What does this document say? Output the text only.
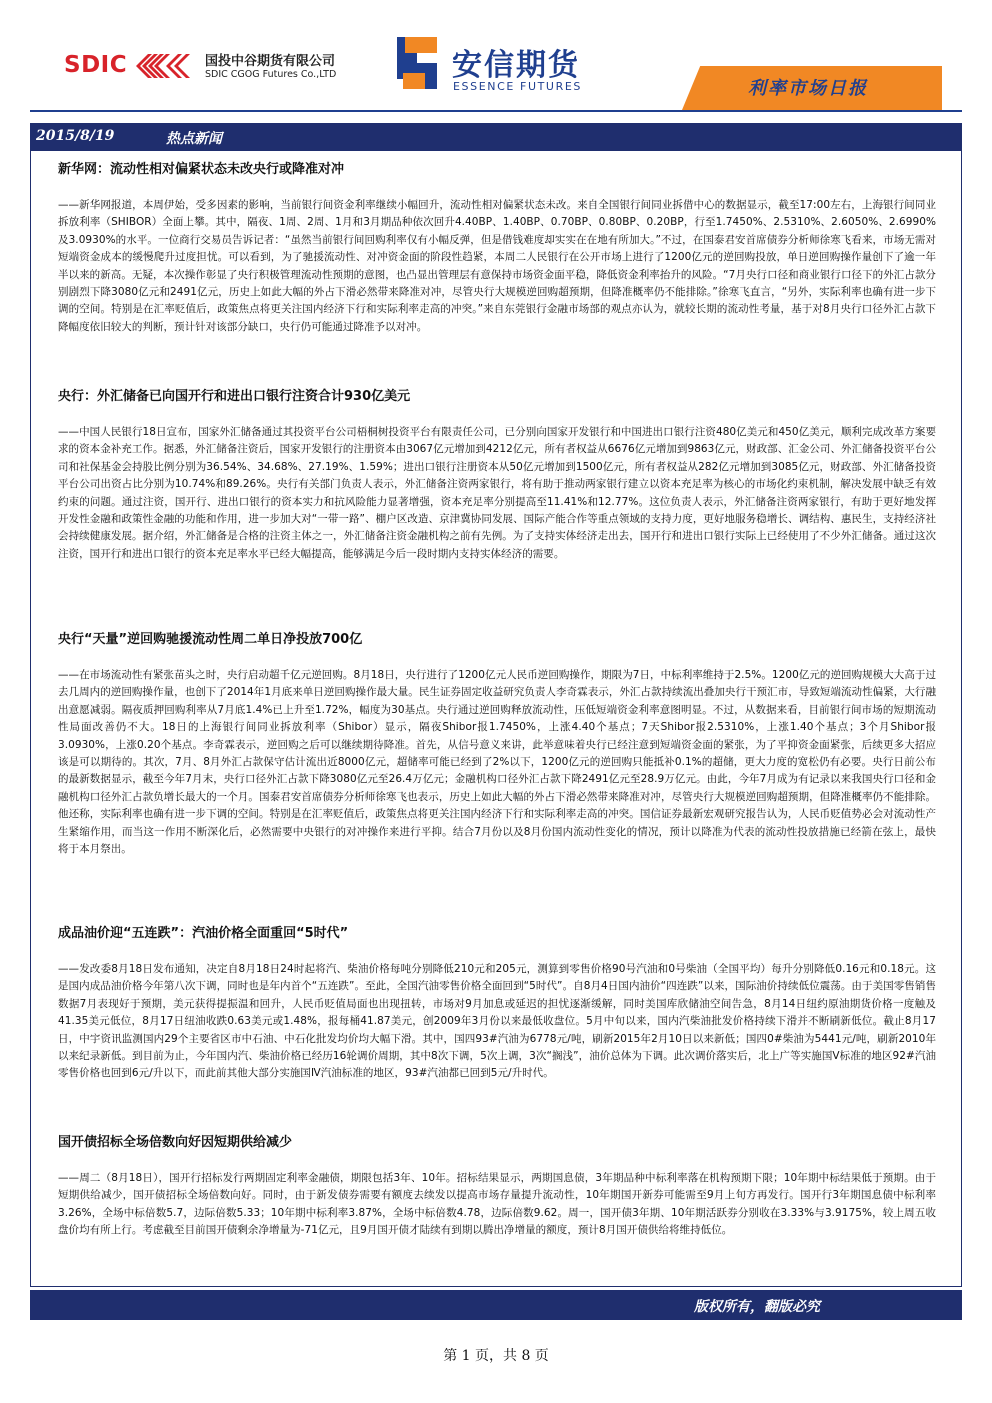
SDIC	国投中谷期货有限公司
SDIC CGOG Futures Co.,LTD	安信期货
ESSENCE FUTURES	利率市场日报
2015/8/19	热点新闻

新华网：流动性相对偏紧状态未改央行或降准对冲

——新华网报道，本周伊始，受多因素的影响，当前银行间资金利率继续小幅回升，流动性相对偏紧状态未改。来自全国银行间同业拆借中心的数据显示，截至17:00左右，上海银行间同业拆放利率（SHIBOR）全面上攀。其中，隔夜、1周、2周、1月和3月期品种依次回升4.40BP、1.40BP、0.70BP、0.80BP、0.20BP，行至1.7450%、2.5310%、2.6050%、2.6990%及3.0930%的水平。一位商行交易员告诉记者：“虽然当前银行间回购利率仅有小幅反弹，但是借钱难度却实实在在地有所加大。”不过，在国泰君安首席债券分析师徐寒飞看来，市场无需对短端资金成本的缓慢爬升过度担忧。可以看到，为了驰援流动性、对冲资金面的阶段性趋紧，本周二人民银行在公开市场上进行了1200亿元的逆回购投放，单日逆回购操作量创下了逾一年半以来的新高。无疑，本次操作彰显了央行积极管理流动性预期的意图，也凸显出管理层有意保持市场资金面平稳，降低资金利率抬升的风险。“7月央行口径和商业银行口径下的外汇占款分别剧烈下降3080亿元和2491亿元，历史上如此大幅的外占下滑必然带来降准对冲，尽管央行大规模逆回购超预期，但降准概率仍不能排除。”徐寒飞直言，“另外，实际利率也确有进一步下调的空间。特别是在汇率贬值后，政策焦点将更关注国内经济下行和实际利率走高的冲突。”来自东莞银行金融市场部的观点亦认为，就较长期的流动性考量，基于对8月央行口径外汇占款下降幅度依旧较大的判断，预计针对该部分缺口，央行仍可能通过降准予以对冲。

央行：外汇储备已向国开行和进出口银行注资合计930亿美元

——中国人民银行18日宣布，国家外汇储备通过其投资平台公司梧桐树投资平台有限责任公司，已分别向国家开发银行和中国进出口银行注资480亿美元和450亿美元，顺利完成改革方案要求的资本金补充工作。据悉，外汇储备注资后，国家开发银行的注册资本由3067亿元增加到4212亿元，所有者权益从6676亿元增加到9863亿元，财政部、汇金公司、外汇储备投资平台公司和社保基金会持股比例分别为36.54%、34.68%、27.19%、1.59%；进出口银行注册资本从50亿元增加到1500亿元，所有者权益从282亿元增加到3085亿元，财政部、外汇储备投资平台公司出资占比分别为10.74%和89.26%。央行有关部门负责人表示，外汇储备注资两家银行，将有助于推动两家银行建立以资本充足率为核心的市场化约束机制，解决发展中缺乏有效约束的问题。通过注资，国开行、进出口银行的资本实力和抗风险能力显著增强，资本充足率分别提高至11.41%和12.77%。这位负责人表示，外汇储备注资两家银行，有助于更好地发挥开发性金融和政策性金融的功能和作用，进一步加大对“一带一路”、棚户区改造、京津冀协同发展、国际产能合作等重点领域的支持力度，更好地服务稳增长、调结构、惠民生，支持经济社会持续健康发展。据介绍，外汇储备是合格的注资主体之一，外汇储备注资金融机构之前有先例。为了支持实体经济走出去，国开行和进出口银行实际上已经使用了不少外汇储备。通过这次注资，国开行和进出口银行的资本充足率水平已经大幅提高，能够满足今后一段时期内支持实体经济的需要。

央行“天量”逆回购驰援流动性周二单日净投放700亿

——在市场流动性有紧张苗头之时，央行启动超千亿元逆回购。8月18日，央行进行了1200亿元人民币逆回购操作，期限为7日，中标利率维持于2.5%。1200亿元的逆回购规模大大高于过去几周内的逆回购操作量，也创下了2014年1月底来单日逆回购操作最大量。民生证券固定收益研究负责人李奇霖表示，外汇占款持续流出叠加央行干预汇市，导致短端流动性偏紧，大行融出意愿减弱。隔夜质押回购利率从7月底1.4%已上升至1.72%，幅度为30基点。央行通过逆回购释放流动性，压低短端资金利率意图明显。不过，从数据来看，目前银行间市场的短期流动性局面改善仍不大。18日的上海银行间同业拆放利率（Shibor）显示，隔夜Shibor报1.7450%，上涨4.40个基点；7天Shibor报2.5310%，上涨1.40个基点；3个月Shibor报3.0930%，上涨0.20个基点。李奇霖表示，逆回购之后可以继续期待降准。首先，从信号意义来讲，此举意味着央行已经注意到短端资金面的紧张，为了平抑资金面紧张，后续更多大招应该是可以期待的。其次，7月、8月外汇占款保守估计流出近8000亿元，超储率可能已经到了2%以下，1200亿元的逆回购只能抵补0.1%的超储，更大力度的宽松仍有必要。央行日前公布的最新数据显示，截至今年7月末，央行口径外汇占款下降3080亿元至26.4万亿元；金融机构口径外汇占款下降2491亿元至28.9万亿元。由此，今年7月成为有记录以来我国央行口径和金融机构口径外汇占款负增长最大的一个月。国泰君安首席债券分析师徐寒飞也表示，历史上如此大幅的外占下滑必然带来降准对冲，尽管央行大规模逆回购超预期，但降准概率仍不能排除。他还称，实际利率也确有进一步下调的空间。特别是在汇率贬值后，政策焦点将更关注国内经济下行和实际利率走高的冲突。国信证券最新宏观研究报告认为，人民币贬值势必会对流动性产生紧缩作用，而当这一作用不断深化后，必然需要中央银行的对冲操作来进行平抑。结合7月份以及8月份国内流动性变化的情况，预计以降准为代表的流动性投放措施已经箭在弦上，最快将于本月祭出。

成品油价迎“五连跌”：汽油价格全面重回“5时代”

——发改委8月18日发布通知，决定自8月18日24时起将汽、柴油价格每吨分别降低210元和205元，测算到零售价格90号汽油和0号柴油（全国平均）每升分别降低0.16元和0.18元。这是国内成品油价格今年第八次下调，同时也是年内首个“五连跌”。至此，全国汽油零售价格全面回到“5时代”。自8月4日国内油价“四连跌”以来，国际油价持续低位震荡。由于美国零售销售数据7月表现好于预期，美元获得提振温和回升，人民币贬值局面也出现扭转，市场对9月加息或延迟的担忧逐渐缓解，同时美国库欣储油空间告急，8月14日纽约原油期货价格一度触及41.35美元低位，8月17日纽油收跌0.63美元或1.48%，报每桶41.87美元，创2009年3月份以来最低收盘位。5月中旬以来，国内汽柴油批发价格持续下滑并不断刷新低位。截止8月17日，中宇资讯监测国内29个主要省区市中石油、中石化批发均价均大幅下滑。其中，国四93#汽油为6778元/吨，刷新2015年2月10日以来新低；国四0#柴油为5441元/吨，刷新2010年以来纪录新低。到目前为止，今年国内汽、柴油价格已经历16轮调价周期，其中8次下调，5次上调，3次“搁浅”，油价总体为下调。此次调价落实后，北上广等实施国V标准的地区92#汽油零售价格也回到6元/升以下，而此前其他大部分实施国Ⅳ汽油标准的地区，93#汽油都已回到5元/升时代。

国开债招标全场倍数向好因短期供给减少

——周二（8月18日），国开行招标发行两期固定利率金融债，期限包括3年、10年。招标结果显示，两期国息债，3年期品种中标利率落在机构预期下限；10年期中标结果低于预期。由于短期供给减少，国开债招标全场倍数向好。同时，由于新发债券需要有额度去续发以提高市场存量提升流动性，10年期国开新券可能需至9月上旬方再发行。国开行3年期国息债中标利率3.26%，全场中标倍数5.7，边际倍数5.33；10年期中标利率3.87%，全场中标倍数4.78，边际倍数9.62。周一，国开债3年期、10年期活跃券分别收在3.33%与3.9175%，较上周五收盘价均有所上行。考虑截至目前国开债剩余净增量为-71亿元，且9月国开债才陆续有到期以腾出净增量的额度，预计8月国开债供给将维持低位。

版权所有，翻版必究
第 1 页，共 8 页
